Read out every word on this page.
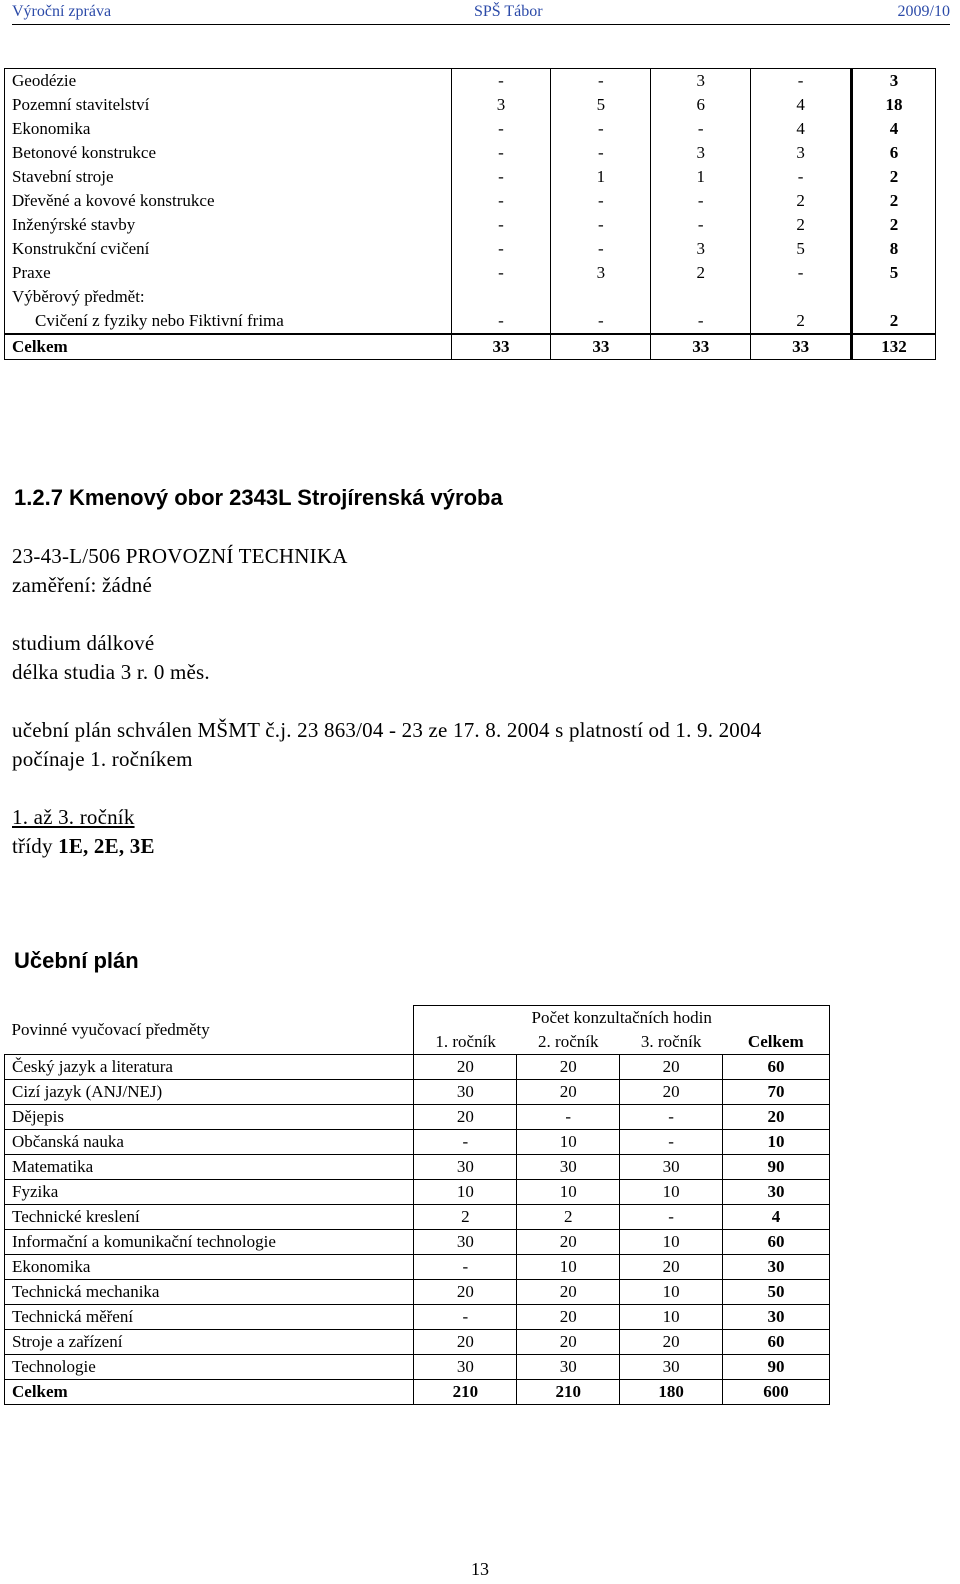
Výroční zpráva	SPŠ Tábor	2009/10
Geodézie	-	-	3	-	3
Pozemní stavitelství	3	5	6	4	18
Ekonomika	-	-	-	4	4
Betonové konstrukce	-	-	3	3	6
Stavební stroje	-	1	1	-	2
Dřevěné a kovové konstrukce	-	-	-	2	2
Inženýrské stavby	-	-	-	2	2
Konstrukční cvičení	-	-	3	5	8
Praxe	-	3	2	-	5
Výběrový předmět:					
Cvičení z fyziky nebo Fiktivní frima	-	-	-	2	2
Celkem	33	33	33	33	132
1.2.7 Kmenový obor 2343L Strojírenská výroba
23-43-L/506 PROVOZNÍ TECHNIKA
zaměření: žádné
studium dálkové
délka studia 3 r. 0 měs.
učební plán schválen MŠMT č.j. 23 863/04 - 23 ze 17. 8. 2004 s platností od 1. 9. 2004
počínaje 1. ročníkem
1. až 3. ročník
třídy 1E, 2E, 3E
Učební plán
Povinné vyučovací předměty	Počet konzultačních hodin			
	1. ročník	2. ročník	3. ročník	Celkem
Český jazyk a literatura	20	20	20	60
Cizí jazyk (ANJ/NEJ)	30	20	20	70
Dějepis	20	-	-	20
Občanská nauka	-	10	-	10
Matematika	30	30	30	90
Fyzika	10	10	10	30
Technické kreslení	2	2	-	4
Informační a komunikační technologie	30	20	10	60
Ekonomika	-	10	20	30
Technická mechanika	20	20	10	50
Technická měření	-	20	10	30
Stroje a zařízení	20	20	20	60
Technologie	30	30	30	90
Celkem	210	210	180	600
13
